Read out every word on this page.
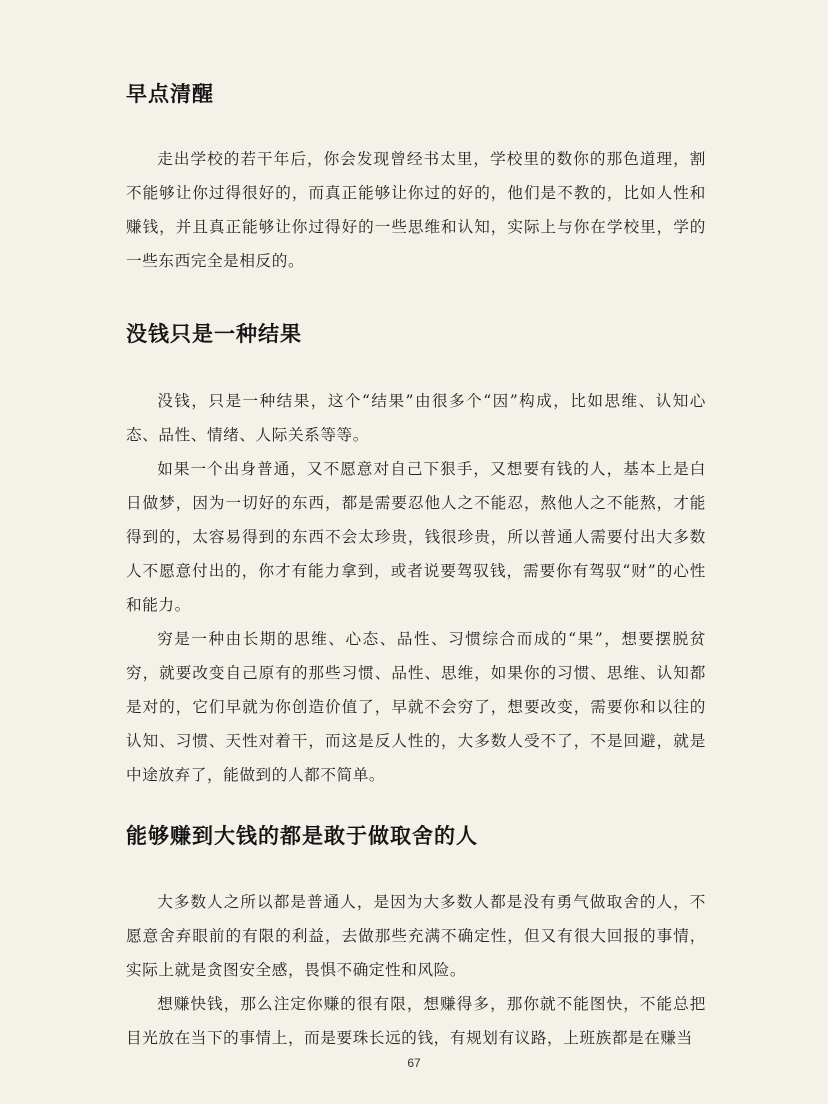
早点清醒

走出学校的若干年后，你会发现曾经书太里，学校里的数你的那色道理，割不能够让你过得很好的，而真正能够让你过的好的，他们是不教的，比如人性和赚钱，并且真正能够让你过得好的一些思维和认知，实际上与你在学校里，学的一些东西完全是相反的。

没钱只是一种结果

没钱，只是一种结果，这个“结果”由很多个“因”构成，比如思维、认知心态、品性、情绪、人际关系等等。

如果一个出身普通，又不愿意对自己下狠手，又想要有钱的人，基本上是白日做梦，因为一切好的东西，都是需要忍他人之不能忍，熬他人之不能熬，才能得到的，太容易得到的东西不会太珍贵，钱很珍贵，所以普通人需要付出大多数人不愿意付出的，你才有能力拿到，或者说要驾驭钱，需要你有驾驭“财”的心性和能力。

穷是一种由长期的思维、心态、品性、习惯综合而成的“果”，想要摆脱贫穷，就要改变自己原有的那些习惯、品性、思维，如果你的习惯、思维、认知都是对的，它们早就为你创造价值了，早就不会穷了，想要改变，需要你和以往的认知、习惯、天性对着干，而这是反人性的，大多数人受不了，不是回避，就是中途放弃了，能做到的人都不简单。

能够赚到大钱的都是敢于做取舍的人

大多数人之所以都是普通人，是因为大多数人都是没有勇气做取舍的人，不愿意舍弃眼前的有限的利益，去做那些充满不确定性，但又有很大回报的事情，实际上就是贪图安全感，畏惧不确定性和风险。

想赚快钱，那么注定你赚的很有限，想赚得多，那你就不能图快，不能总把目光放在当下的事情上，而是要珠长远的钱，有规划有议路，上班族都是在赚当

67
